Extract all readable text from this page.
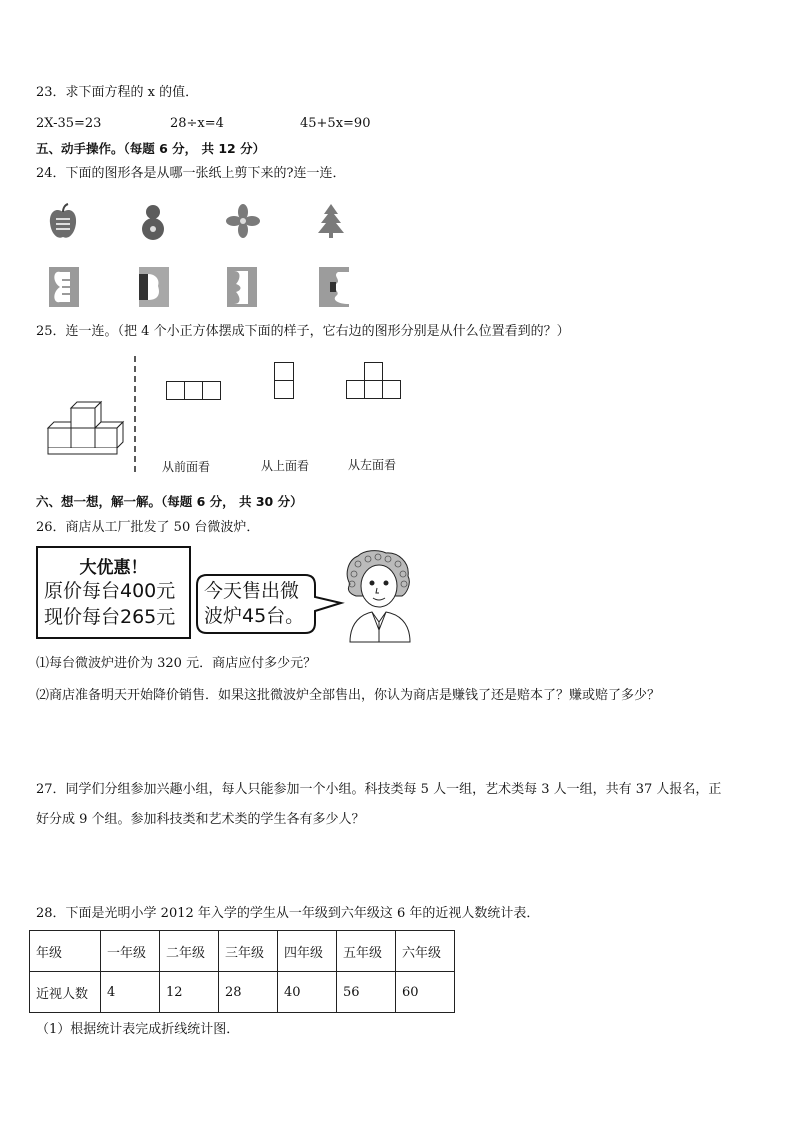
23．求下面方程的 x 的值．
2X-35=23	28÷x=4	45+5x=90
五、动手操作。（每题 6 分， 共 12 分）
24．下面的图形各是从哪一张纸上剪下来的?连一连．
25．连一连。（把 4 个小正方体摆成下面的样子，它右边的图形分别是从什么位置看到的？）
从前面看	从上面看	从左面看
六、想一想，解一解。（每题 6 分， 共 30 分）
26．商店从工厂批发了 50 台微波炉．
大优惠！
原价每台400元
现价每台265元
今天售出微
波炉45台。
⑴每台微波炉进价为 320 元．商店应付多少元？
⑵商店准备明天开始降价销售．如果这批微波炉全部售出，你认为商店是赚钱了还是赔本了？赚或赔了多少？
27．同学们分组参加兴趣小组，每人只能参加一个小组。科技类每 5 人一组，艺术类每 3 人一组，共有 37 人报名，正
好分成 9 个组。参加科技类和艺术类的学生各有多少人？
28．下面是光明小学 2012 年入学的学生从一年级到六年级这 6 年的近视人数统计表．
年级	一年级	二年级	三年级	四年级	五年级	六年级
近视人数	4	12	28	40	56	60
（1）根据统计表完成折线统计图．
